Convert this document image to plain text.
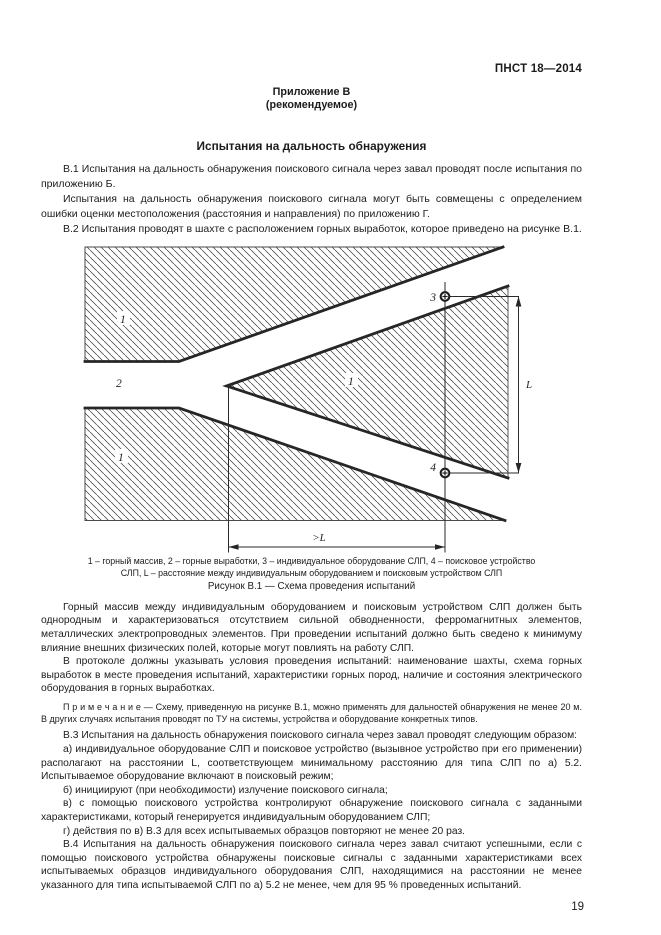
ПНСТ 18—2014
Приложение В
(рекомендуемое)
Испытания на дальность обнаружения

В.1 Испытания на дальность обнаружения поискового сигнала через завал проводят после испытания по приложению Б.

Испытания на дальность обнаружения поискового сигнала могут быть совмещены с определением ошибки оценки местоположения (расстояния и направления) по приложению Г.

В.2 Испытания проводят в шахте с расположением горных выработок, которое приведено на рисунке В.1.

1
1
1
2
3
4
L
>L
1 – горный массив, 2 – горные выработки, 3 – индивидуальное оборудование СЛП, 4 – поисковое устройство
СЛП, L – расстояние между индивидуальным оборудованием и поисковым устройством СЛП
Рисунок В.1 — Схема проведения испытаний

Горный массив между индивидуальным оборудованием и поисковым устройством СЛП должен быть однородным и характеризоваться отсутствием сильной обводненности, ферромагнитных элементов, металлических электропроводных элементов. При проведении испытаний должно быть сведено к минимуму влияние внешних физических полей, которые могут повлиять на работу СЛП.

В протоколе должны указывать условия проведения испытаний: наименование шахты, схема горных выработок в месте проведения испытаний, характеристики горных пород, наличие и состояния электрического оборудования в горных выработках.

П р и м е ч а н и е — Схему, приведенную на рисунке В.1, можно применять для дальностей обнаружения не менее 20 м. В других случаях испытания проводят по ТУ на системы, устройства и оборудование конкретных типов.

В.3 Испытания на дальность обнаружения поискового сигнала через завал проводят следующим образом:

а) индивидуальное оборудование СЛП и поисковое устройство (вызывное устройство при его применении) располагают на расстоянии L, соответствующем минимальному расстоянию для типа СЛП по а) 5.2. Испытываемое оборудование включают в поисковый режим;

б) инициируют (при необходимости) излучение поискового сигнала;

в) с помощью поискового устройства контролируют обнаружение поискового сигнала с заданными характеристиками, который генерируется индивидуальным оборудованием СЛП;

г) действия по в) В.3 для всех испытываемых образцов повторяют не менее 20 раз.

В.4 Испытания на дальность обнаружения поискового сигнала через завал считают успешными, если с помощью поискового устройства обнаружены поисковые сигналы с заданными характеристиками всех испытываемых образцов индивидуального оборудования СЛП, находящимися на расстоянии не менее указанного для типа испытываемой СЛП по а) 5.2 не менее, чем для 95 % проведенных испытаний.

19
